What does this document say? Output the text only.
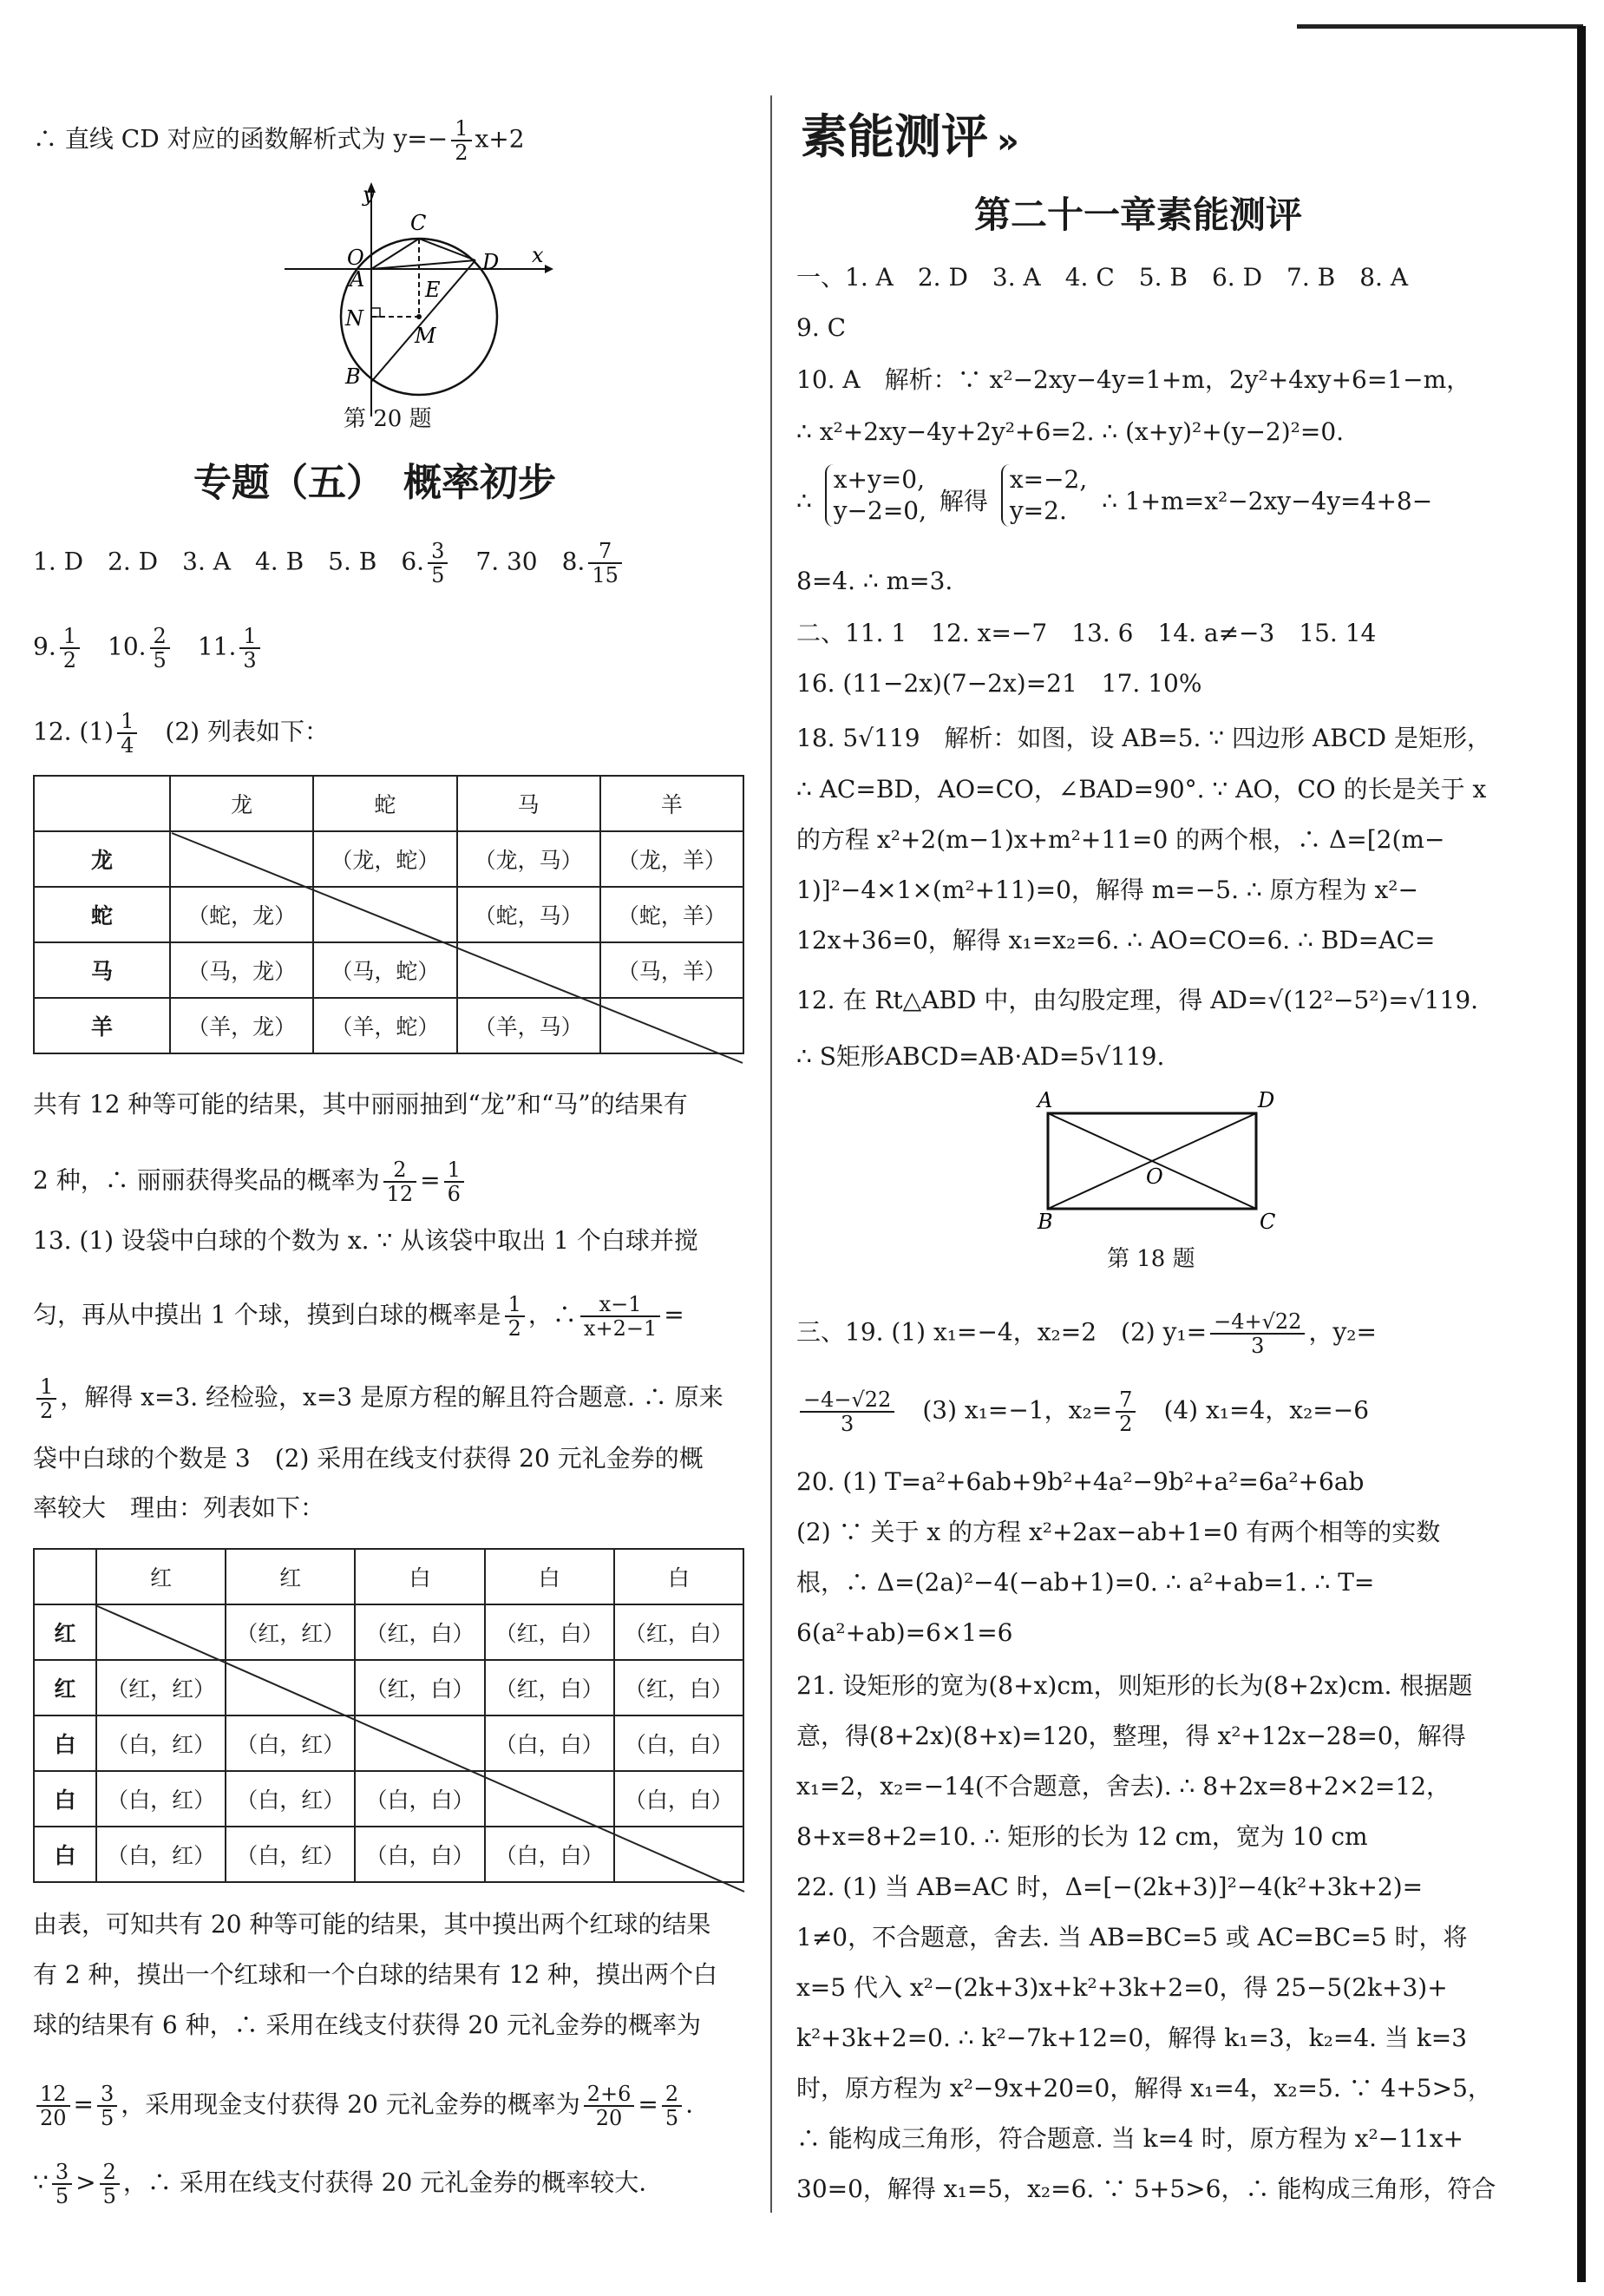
∴ 直线 CD 对应的函数解析式为 $y=- \frac{1}{2} x+2$
y
O
C
A
D x
E
N
M
B
第 20 题
专题（五）　概率初步
1. D　2. D　3. A　4. B　5. B　6. $\frac{3}{5}$
　 7. 30　8. $\frac{7}{15}$
9. $\frac{1}{2}$
　 10. $\frac{2}{5}$
　 11. $\frac{1}{3}$
12. $(1) \frac{1}{4}$
　 (2) 列表如下：
	龙	蛇	马	羊
龙		（龙，蛇）	（龙，马）	（龙，羊）
蛇	（蛇，龙）		（蛇，马）	（蛇，羊）
马	（马，龙）	（马，蛇）		（马，羊）
羊	（羊，龙）	（羊，蛇）	（羊，马）	
共有 12 种等可能的结果，其中丽丽抽到“龙”和“马”的结果有
2 种，∴ 丽丽获得奖品的概率为 $\frac{2}{12} = \frac{1}{6}$
13. (1) 设袋中白球的个数为 x. ∵ 从该袋中取出 1 个白球并搅
匀，再从中摸出 1 个球，摸到白球的概率是 $\frac{1}{2}$ ，∴ $\frac{x-1}{x+2-1}$ =
$\frac{1}{2}$ ，解得 x=3. 经检验，x=3 是原方程的解且符合题意. ∴ 原来
袋中白球的个数是 3　(2) 采用在线支付获得 20 元礼金券的概
率较大　理由：列表如下：
	红	红	白	白	白
红		（红，红）	（红，白）	（红，白）	（红，白）
红	（红，红）		（红，白）	（红，白）	（红，白）
白	（白，红）	（白，红）		（白，白）	（白，白）
白	（白，红）	（白，红）	（白，白）		（白，白）
白	（白，红）	（白，红）	（白，白）	（白，白）	
由表，可知共有 20 种等可能的结果，其中摸出两个红球的结果
有 2 种，摸出一个红球和一个白球的结果有 12 种，摸出两个白
球的结果有 6 种，∴ 采用在线支付获得 20 元礼金券的概率为
$\frac{12}{20} = \frac{3}{5}$ ，采用现金支付获得 20 元礼金券的概率为 $\frac{2+6}{20} = \frac{2}{5}$ .
∵ $\frac{3}{5} > \frac{2}{5}$ ，∴ 采用在线支付获得 20 元礼金券的概率较大.
素能测评 »
第二十一章素能测评
一、1. A　2. D　3. A　4. C　5. B　6. D　7. B　8. A
9. C
10. A　解析：∵ x²−2xy−4y=1+m，2y²+4xy+6=1−m，
∴ x²+2xy−4y+2y²+6=2. ∴ (x+y)²+(y−2)²=0.
∴
x+y=0,
y−2=0, 解得
x=−2,
y=2.	∴ 1+m=x²−2xy−4y=4+8−
8=4. ∴ m=3.
二、11. 1　12. x=−7　13. 6　14. a≠−3　15. 14
16. (11−2x)(7−2x)=21　17. 10%
18. 5√119　解析：如图，设 AB=5. ∵ 四边形 ABCD 是矩形，
∴ AC=BD，AO=CO，∠BAD=90°. ∵ AO，CO 的长是关于 x
的方程 x²+2(m−1)x+m²+11=0 的两个根，∴ Δ=[2(m−
1)]²−4×1×(m²+11)=0，解得 m=−5. ∴ 原方程为 x²−
12x+36=0，解得 x₁=x₂=6. ∴ AO=CO=6. ∴ BD=AC=
12. 在 Rt△ABD 中，由勾股定理，得 AD=√(12²−5²)=√119.
∴ S矩形ABCD=AB·AD=5√119.
A	D
O
B	C
第 18 题
三、19. (1) x₁=−4，x₂=2　(2) $y_1= \frac{-4+√22}{3}$ ，y₂=
$\frac{-4-√22}{3}$
　 (3) x₁=−1，$x_2= \frac{7}{2}$
　 (4) x₁=4，x₂=−6
20. (1) T=a²+6ab+9b²+4a²−9b²+a²=6a²+6ab
(2) ∵ 关于 x 的方程 x²+2ax−ab+1=0 有两个相等的实数
根，∴ Δ=(2a)²−4(−ab+1)=0. ∴ a²+ab=1. ∴ T=
6(a²+ab)=6×1=6
21. 设矩形的宽为(8+x)cm，则矩形的长为(8+2x)cm. 根据题
意，得(8+2x)(8+x)=120，整理，得 x²+12x−28=0，解得
x₁=2，x₂=−14(不合题意，舍去). ∴ 8+2x=8+2×2=12，
8+x=8+2=10. ∴ 矩形的长为 12 cm，宽为 10 cm
22. (1) 当 AB=AC 时，Δ=[−(2k+3)]²−4(k²+3k+2)=
1≠0，不合题意，舍去. 当 AB=BC=5 或 AC=BC=5 时，将
x=5 代入 x²−(2k+3)x+k²+3k+2=0，得 25−5(2k+3)+
k²+3k+2=0. ∴ k²−7k+12=0，解得 k₁=3，k₂=4. 当 k=3
时，原方程为 x²−9x+20=0，解得 x₁=4，x₂=5. ∵ 4+5>5，
∴ 能构成三角形，符合题意. 当 k=4 时，原方程为 x²−11x+
30=0，解得 x₁=5，x₂=6. ∵ 5+5>6，∴ 能构成三角形，符合
